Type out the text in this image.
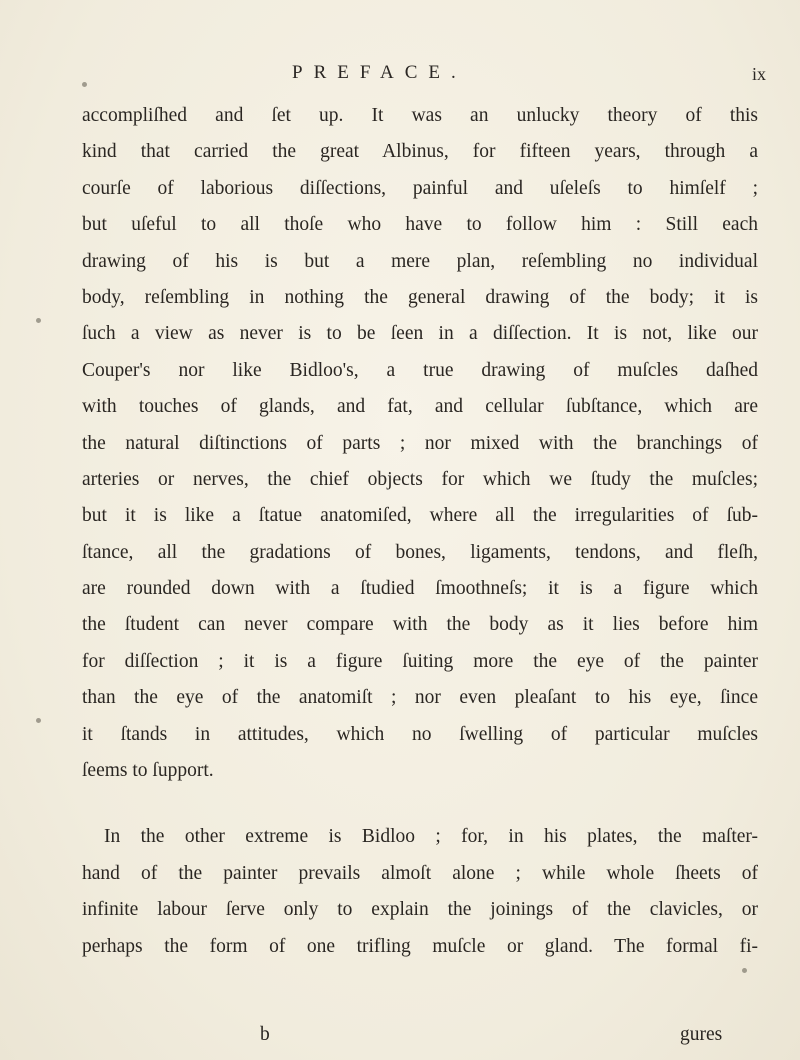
PREFACE.	ix
accompliſhed and ſet up. It was an unlucky theory of this
kind that carried the great Albinus, for fifteen years, through a
courſe of laborious diſſections, painful and uſeleſs to himſelf ;
but uſeful to all thoſe who have to follow him : Still each
drawing of his is but a mere plan, reſembling no individual
body, reſembling in nothing the general drawing of the body; it is
ſuch a view as never is to be ſeen in a diſſection. It is not, like our
Couper's nor like Bidloo's, a true drawing of muſcles daſhed
with touches of glands, and fat, and cellular ſubſtance, which are
the natural diſtinctions of parts ; nor mixed with the branchings of
arteries or nerves, the chief objects for which we ſtudy the muſcles;
but it is like a ſtatue anatomiſed, where all the irregularities of ſub-
ſtance, all the gradations of bones, ligaments, tendons, and fleſh,
are rounded down with a ſtudied ſmoothneſs; it is a figure which
the ſtudent can never compare with the body as it lies before him
for diſſection ; it is a figure ſuiting more the eye of the painter
than the eye of the anatomiſt ; nor even pleaſant to his eye, ſince
it ſtands in attitudes, which no ſwelling of particular muſcles
ſeems to ſupport.
In the other extreme is Bidloo ; for, in his plates, the maſter-
hand of the painter prevails almoſt alone ; while whole ſheets of
infinite labour ſerve only to explain the joinings of the clavicles, or
perhaps the form of one trifling muſcle or gland. The formal fi-
b	gures
